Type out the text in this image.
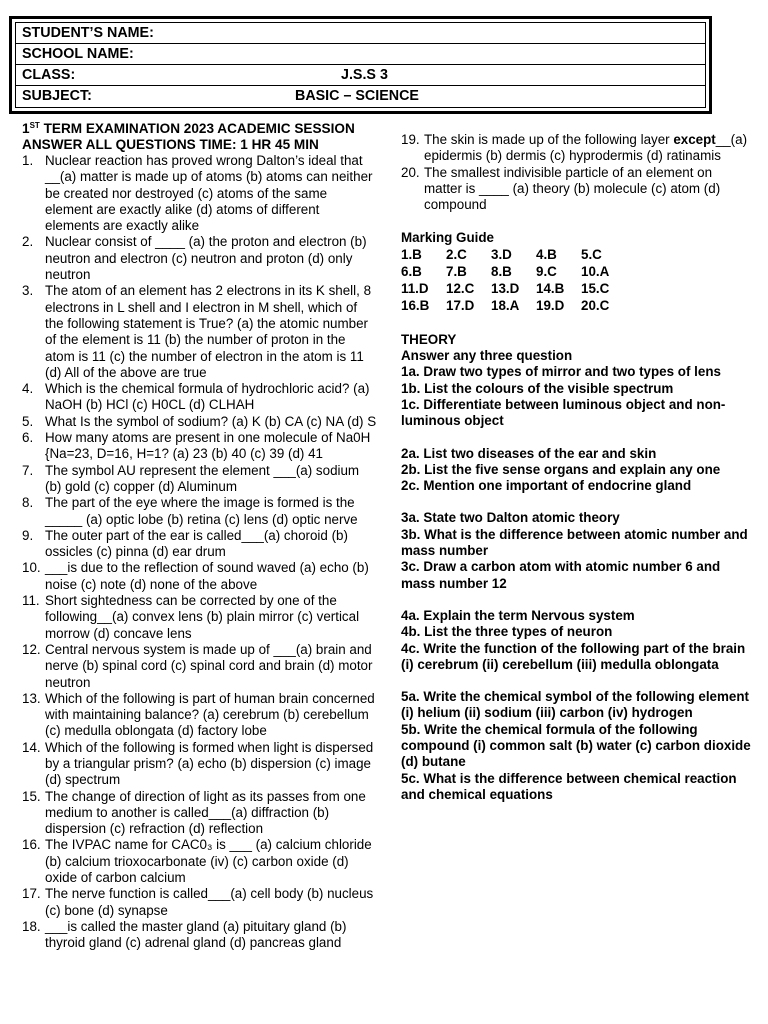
STUDENT’S NAME:
SCHOOL NAME:
CLASS:	J.S.S 3
SUBJECT:	BASIC – SCIENCE
1ST TERM EXAMINATION 2023 ACADEMIC SESSION
ANSWER ALL QUESTIONS TIME: 1 HR 45 MIN
1. Nuclear reaction has proved wrong Dalton’s ideal that __(a) matter is made up of atoms (b) atoms can neither be created nor destroyed (c) atoms of the same element are exactly alike (d) atoms of different elements are exactly alike
2. Nuclear consist of ____ (a) the proton and electron (b) neutron and electron (c) neutron and proton (d) only neutron
3. The atom of an element has 2 electrons in its K shell, 8 electrons in L shell and I electron in M shell, which of the following statement is True? (a) the atomic number of the element is 11 (b) the number of proton in the atom is 11 (c) the number of electron in the atom is 11 (d) All of the above are true
4. Which is the chemical formula of hydrochloric acid? (a) NaOH (b) HCl (c) H0CL (d) CLHAH
5. What Is the symbol of sodium? (a) K (b) CA (c) NA (d) S
6. How many atoms are present in one molecule of Na0H {Na=23, D=16, H=1? (a) 23 (b) 40 (c) 39 (d) 41
7. The symbol AU represent the element ___(a) sodium (b) gold (c) copper (d) Aluminum
8. The part of the eye where the image is formed is the _____ (a) optic lobe (b) retina (c) lens (d) optic nerve
9. The outer part of the ear is called___(a) choroid (b) ossicles (c) pinna (d) ear drum
10. ___is due to the reflection of sound waved (a) echo (b) noise (c) note (d) none of the above
11. Short sightedness can be corrected by one of the following__(a) convex lens (b) plain mirror (c) vertical morrow (d) concave lens
12. Central nervous system is made up of ___(a) brain and nerve (b) spinal cord (c) spinal cord and brain (d) motor neutron
13. Which of the following is part of human brain concerned with maintaining balance? (a) cerebrum (b) cerebellum (c) medulla oblongata (d) factory lobe
14. Which of the following is formed when light is dispersed by a triangular prism? (a) echo (b) dispersion (c) image (d) spectrum
15. The change of direction of light as its passes from one medium to another is called___(a) diffraction (b) dispersion (c) refraction (d) reflection
16. The IVPAC name for CAC0₃ is ___ (a) calcium chloride (b) calcium trioxocarbonate (iv) (c) carbon oxide (d) oxide of carbon calcium
17. The nerve function is called___(a) cell body (b) nucleus (c) bone (d) synapse
18. ___is called the master gland (a) pituitary gland (b) thyroid gland (c) adrenal gland (d) pancreas gland
19. The skin is made up of the following layer except__(a) epidermis (b) dermis (c) hyprodermis (d) ratinamis
20. The smallest indivisible particle of an element on matter is ____ (a) theory (b) molecule (c) atom (d) compound
Marking Guide
1.B	2.C	3.D	4.B	5.C
6.B	7.B	8.B	9.C	10.A
11.D	12.C	13.D	14.B	15.C
16.B	17.D	18.A	19.D	20.C

THEORY

Answer any three question

1a. Draw two types of mirror and two types of lens

1b. List the colours of the visible spectrum

1c. Differentiate between luminous object and non-luminous object

2a. List two diseases of the ear and skin

2b. List the five sense organs and explain any one

2c. Mention one important of endocrine gland

3a. State two Dalton atomic theory

3b. What is the difference between atomic number and mass number

3c. Draw a carbon atom with atomic number 6 and mass number 12

4a. Explain the term Nervous system

4b. List the three types of neuron

4c. Write the function of the following part of the brain (i) cerebrum (ii) cerebellum (iii) medulla oblongata

5a. Write the chemical symbol of the following element (i) helium (ii) sodium (iii) carbon (iv) hydrogen

5b. Write the chemical formula of the following compound (i) common salt (b) water (c) carbon dioxide (d) butane

5c. What is the difference between chemical reaction and chemical equations
